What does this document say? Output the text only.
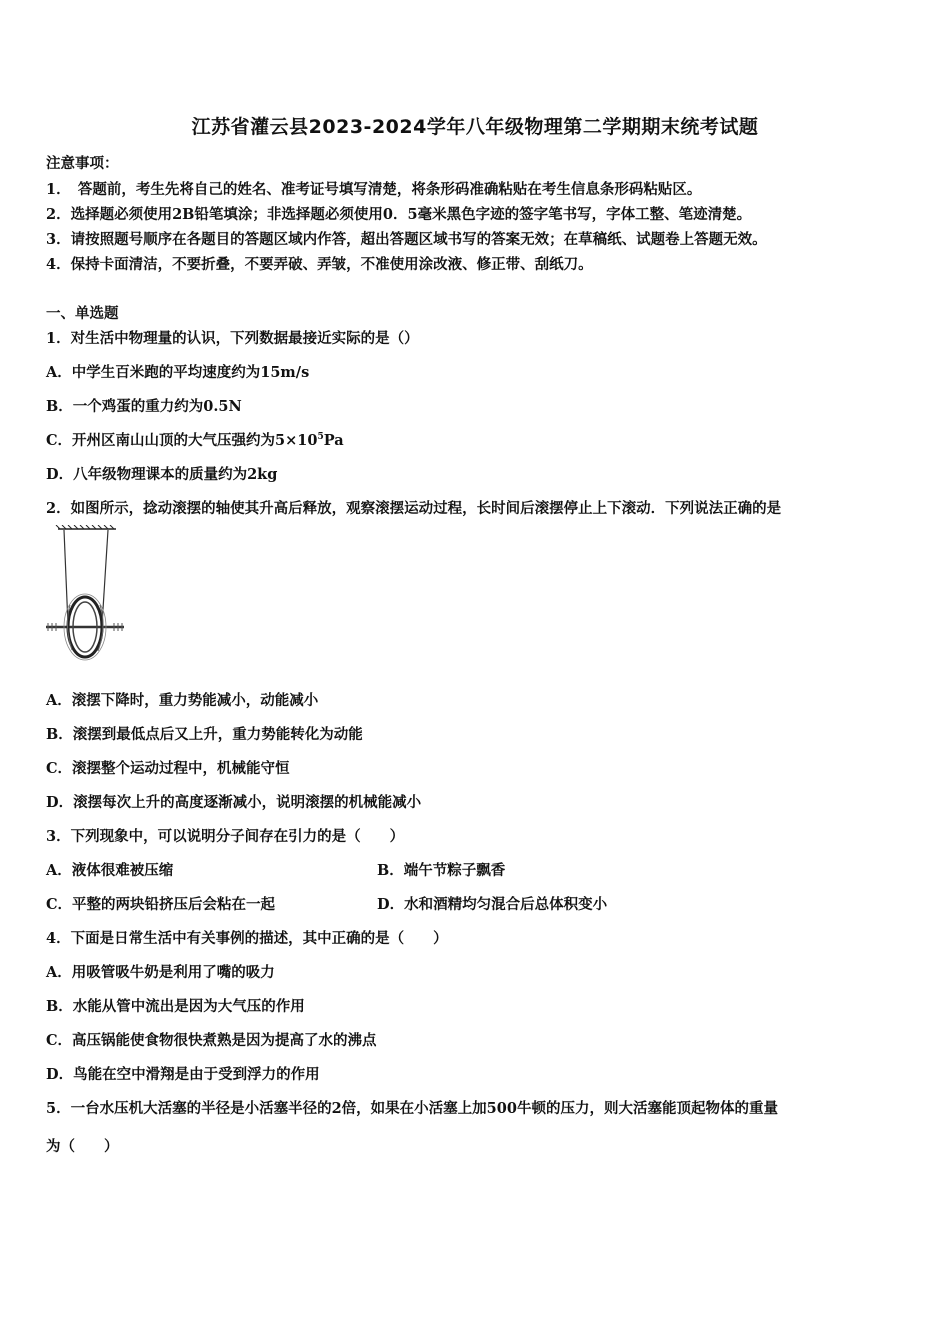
江苏省灌云县2023-2024学年八年级物理第二学期期末统考试题
注意事项：
1．　答题前，考生先将自己的姓名、准考证号填写清楚，将条形码准确粘贴在考生信息条形码粘贴区。
2．选择题必须使用2B铅笔填涂；非选择题必须使用0．5毫米黑色字迹的签字笔书写，字体工整、笔迹清楚。
3．请按照题号顺序在各题目的答题区域内作答，超出答题区域书写的答案无效；在草稿纸、试题卷上答题无效。
4．保持卡面清洁，不要折叠，不要弄破、弄皱，不准使用涂改液、修正带、刮纸刀。
一、单选题
1．对生活中物理量的认识，下列数据最接近实际的是（）
A．中学生百米跑的平均速度约为15m/s
B．一个鸡蛋的重力约为0.5N
C．开州区南山山顶的大气压强约为$5\times 10^5Pa$
D．八年级物理课本的质量约为2kg
2．如图所示，捻动滚摆的轴使其升高后释放，观察滚摆运动过程，长时间后滚摆停止上下滚动．下列说法正确的是
A．滚摆下降时，重力势能减小，动能减小
B．滚摆到最低点后又上升，重力势能转化为动能
C．滚摆整个运动过程中，机械能守恒
D．滚摆每次上升的高度逐渐减小，说明滚摆的机械能减小
3．下列现象中，可以说明分子间存在引力的是（　　）
A．液体很难被压缩	B．端午节粽子飘香
C．平整的两块铅挤压后会粘在一起	D．水和酒精均匀混合后总体积变小
4．下面是日常生活中有关事例的描述，其中正确的是（　　）
A．用吸管吸牛奶是利用了嘴的吸力
B．水能从管中流出是因为大气压的作用
C．高压锅能使食物很快煮熟是因为提高了水的沸点
D．鸟能在空中滑翔是由于受到浮力的作用
5．一台水压机大活塞的半径是小活塞半径的2倍，如果在小活塞上加500牛顿的压力，则大活塞能顶起物体的重量
为（　　）
